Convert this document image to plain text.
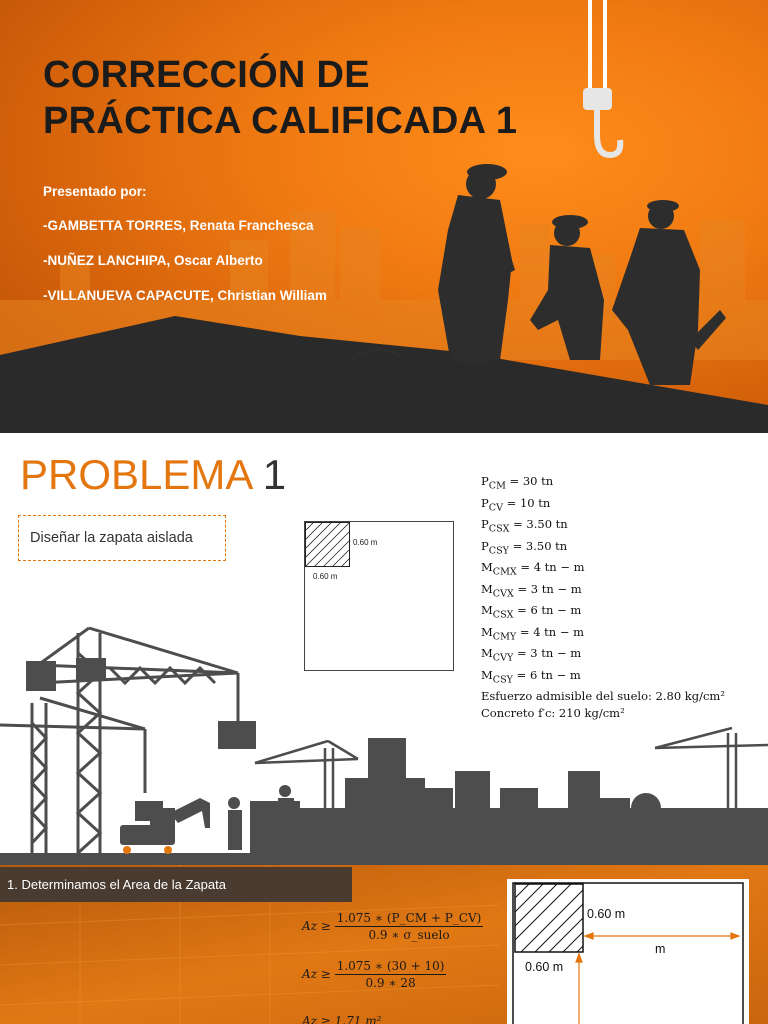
CORRECCIÓN DE
PRÁCTICA CALIFICADA 1
Presentado por:
-GAMBETTA TORRES, Renata Franchesca
-NUÑEZ LANCHIPA, Oscar Alberto
-VILLANUEVA CAPACUTE, Christian William
PROBLEMA 1
Diseñar la zapata aislada	0.60 m
0.60 m
$P_{CM} = 30$ tn
$P_{CV} = 10$ tn
$P_{CSX} = 3.50$ tn
$P_{CSY} = 3.50$ tn
$M_{CMX} = 4$ tn − m
$M_{CVX} = 3$ tn − m
$M_{CSX} = 6$ tn − m
$M_{CMY} = 4$ tn − m
$M_{CVY} = 3$ tn − m
$M_{CSY} = 6$ tn − m
Esfuerzo admisible del suelo: 2.80 kg/cm²
Concreto f′c: 210 kg/cm²
1. Determinamos el Area de la Zapata
$Az \ge \frac{1.075 ∗ (P\_CM + P\_CV)}{\text{0.9 ∗ σ\_suelo}}$
$Az \ge \frac{1.075 ∗ (30 + 10)}{0.9 ∗ 28}$
Az ≥ 1.71 m²
0.60 m
m
0.60 m
